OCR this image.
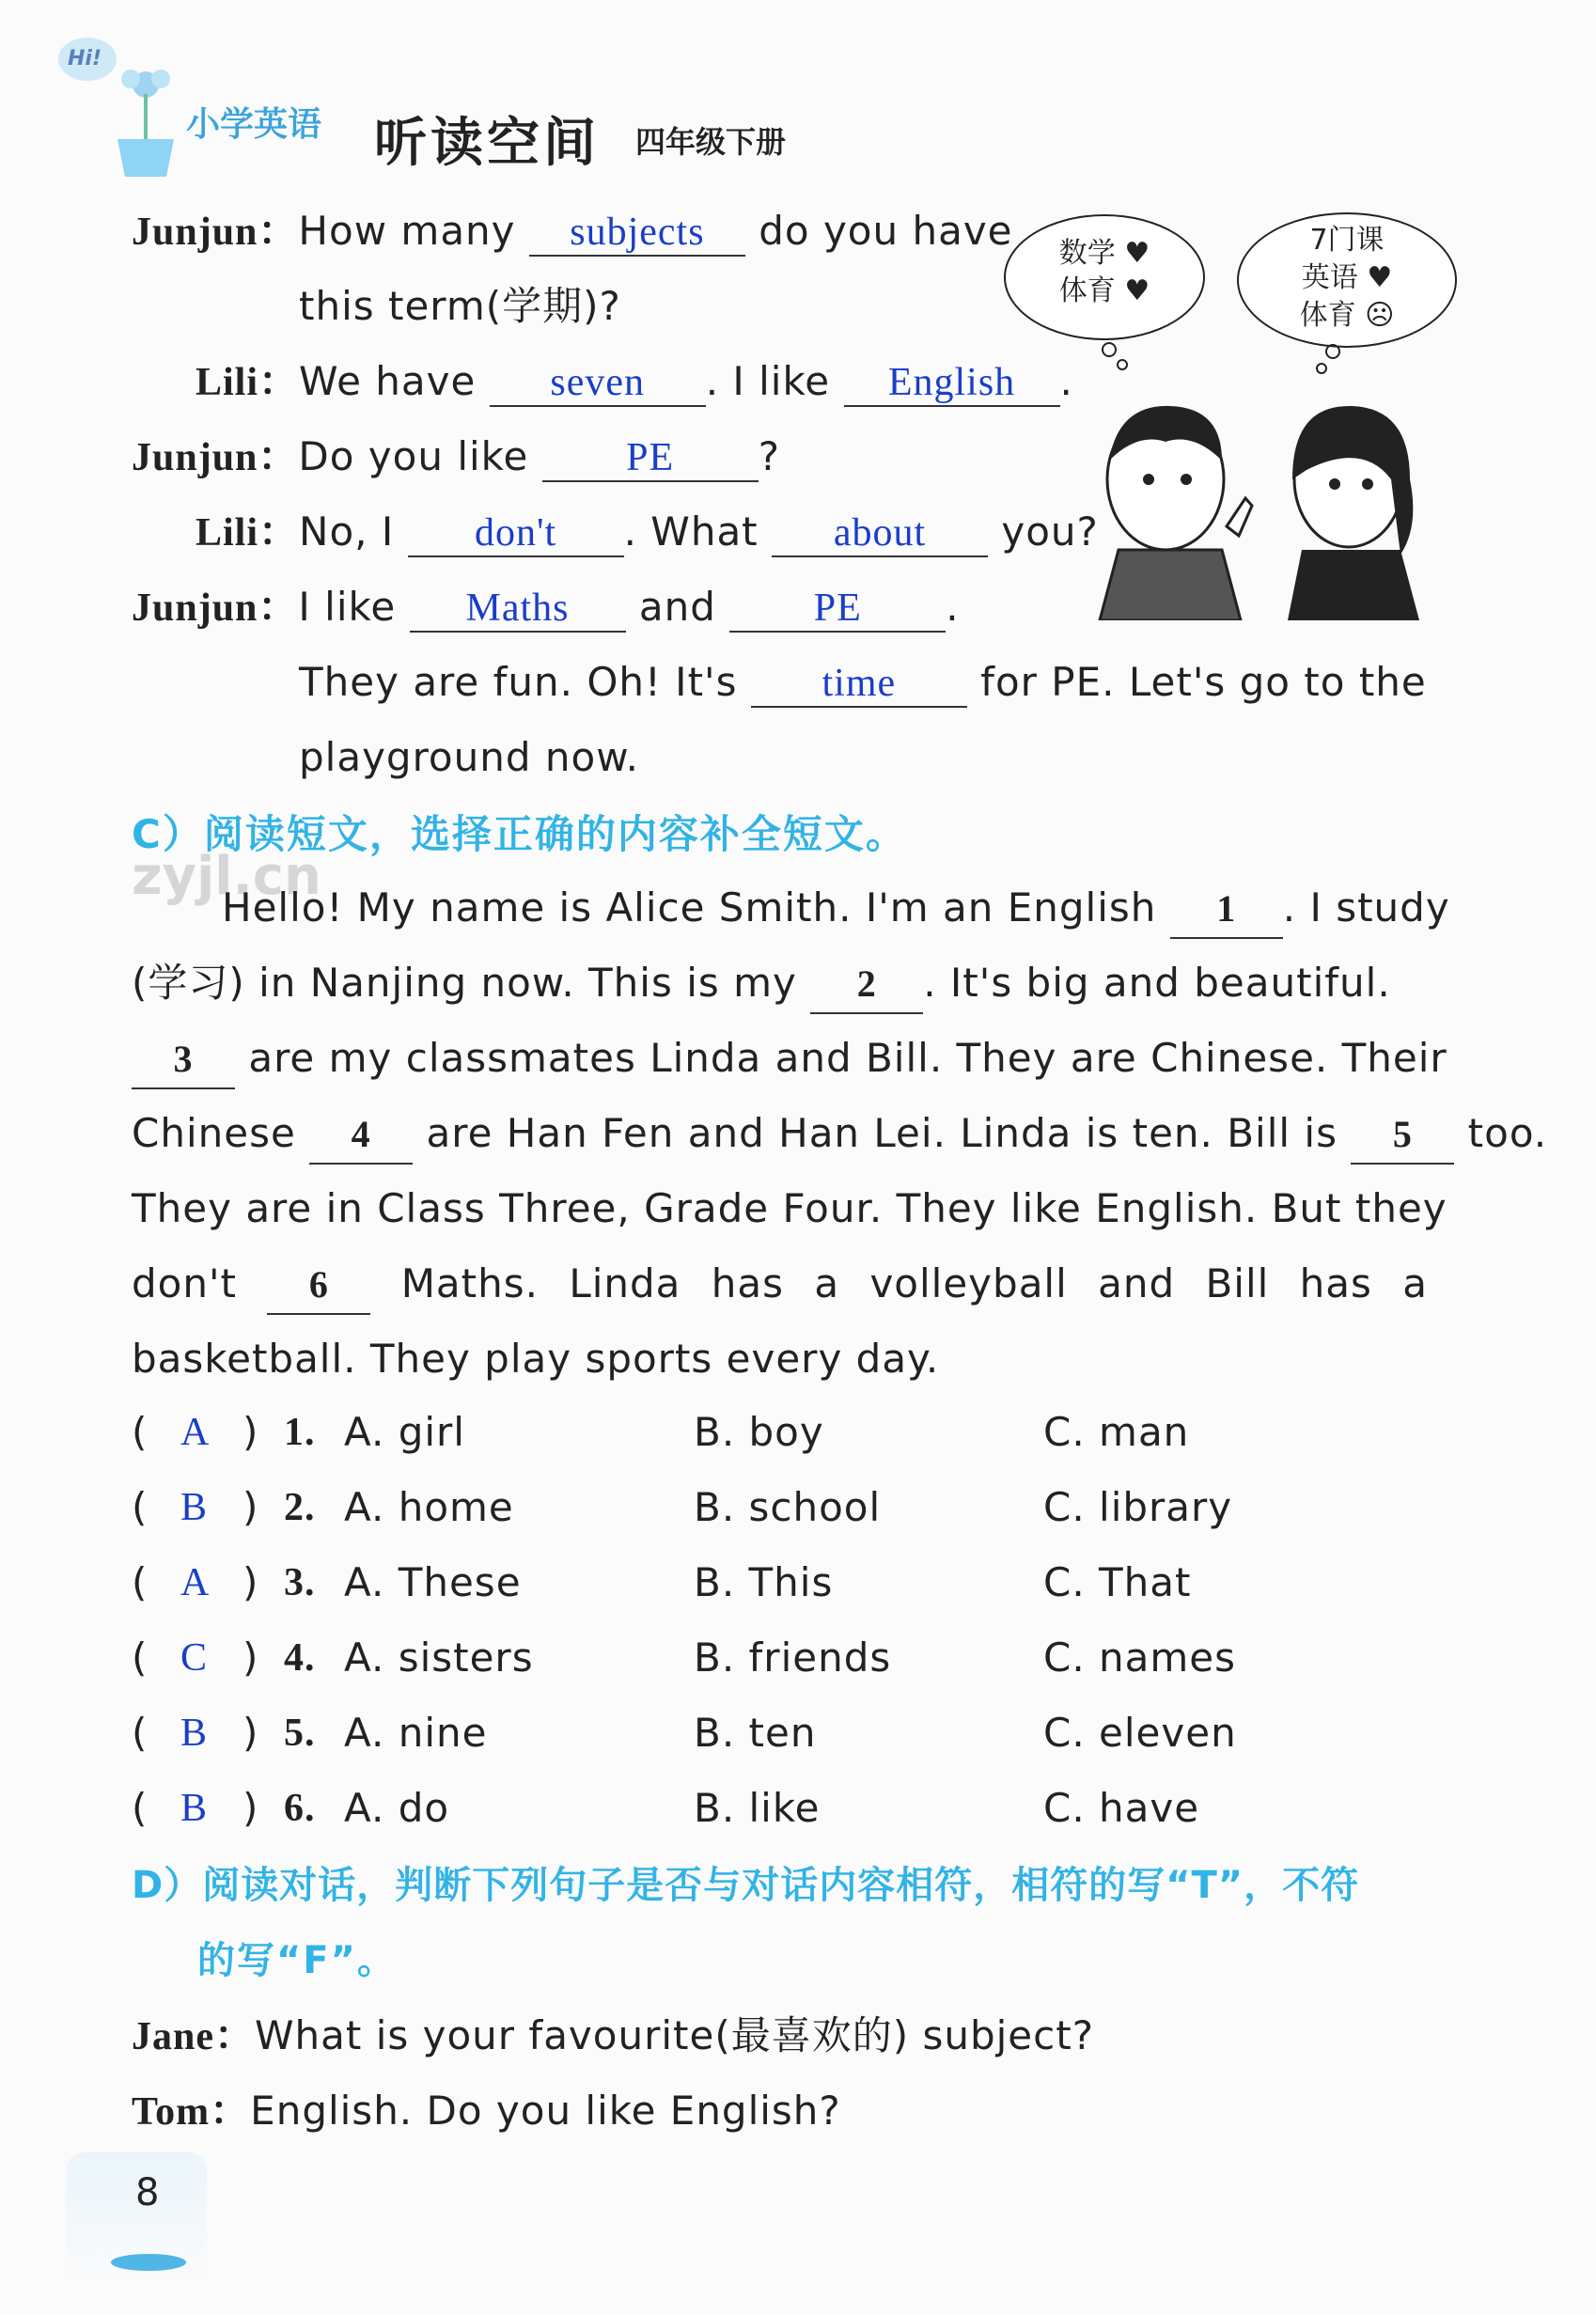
Hi!
小学英语 听读空间 四年级下册
Junjun：How many subjects do you have
this term(学期)?
Lili：We have seven . I like English .
Junjun：Do you like PE ?
Lili：No, I don't . What about you?
Junjun：I like Maths and PE .
They are fun. Oh! It's time for PE. Let's go to the
playground now.
数学 ♥
体育 ♥
7门课
英语 ♥
体育 ☹
C）阅读短文，选择正确的内容补全短文。
zyjl.cn
Hello! My name is Alice Smith. I'm an English 1 . I study
(学习) in Nanjing now. This is my 2 . It's big and beautiful.
3 are my classmates Linda and Bill. They are Chinese. Their
Chinese 4 are Han Fen and Han Lei. Linda is ten. Bill is 5 too.
They are in Class Three, Grade Four. They like English. But they
don't 6 Maths. Linda has a volleyball and Bill has a
basketball. They play sports every day.
( A ) 1. A. girl	B. boy	C. man
( B ) 2. A. home	B. school	C. library
( A ) 3. A. These	B. This	C. That
( C ) 4. A. sisters	B. friends	C. names
( B ) 5. A. nine	B. ten	C. eleven
( B ) 6. A. do	B. like	C. have
D）阅读对话，判断下列句子是否与对话内容相符，相符的写“T”，不符
的写“F”。
Jane：What is your favourite(最喜欢的) subject?
Tom：English. Do you like English?
8
